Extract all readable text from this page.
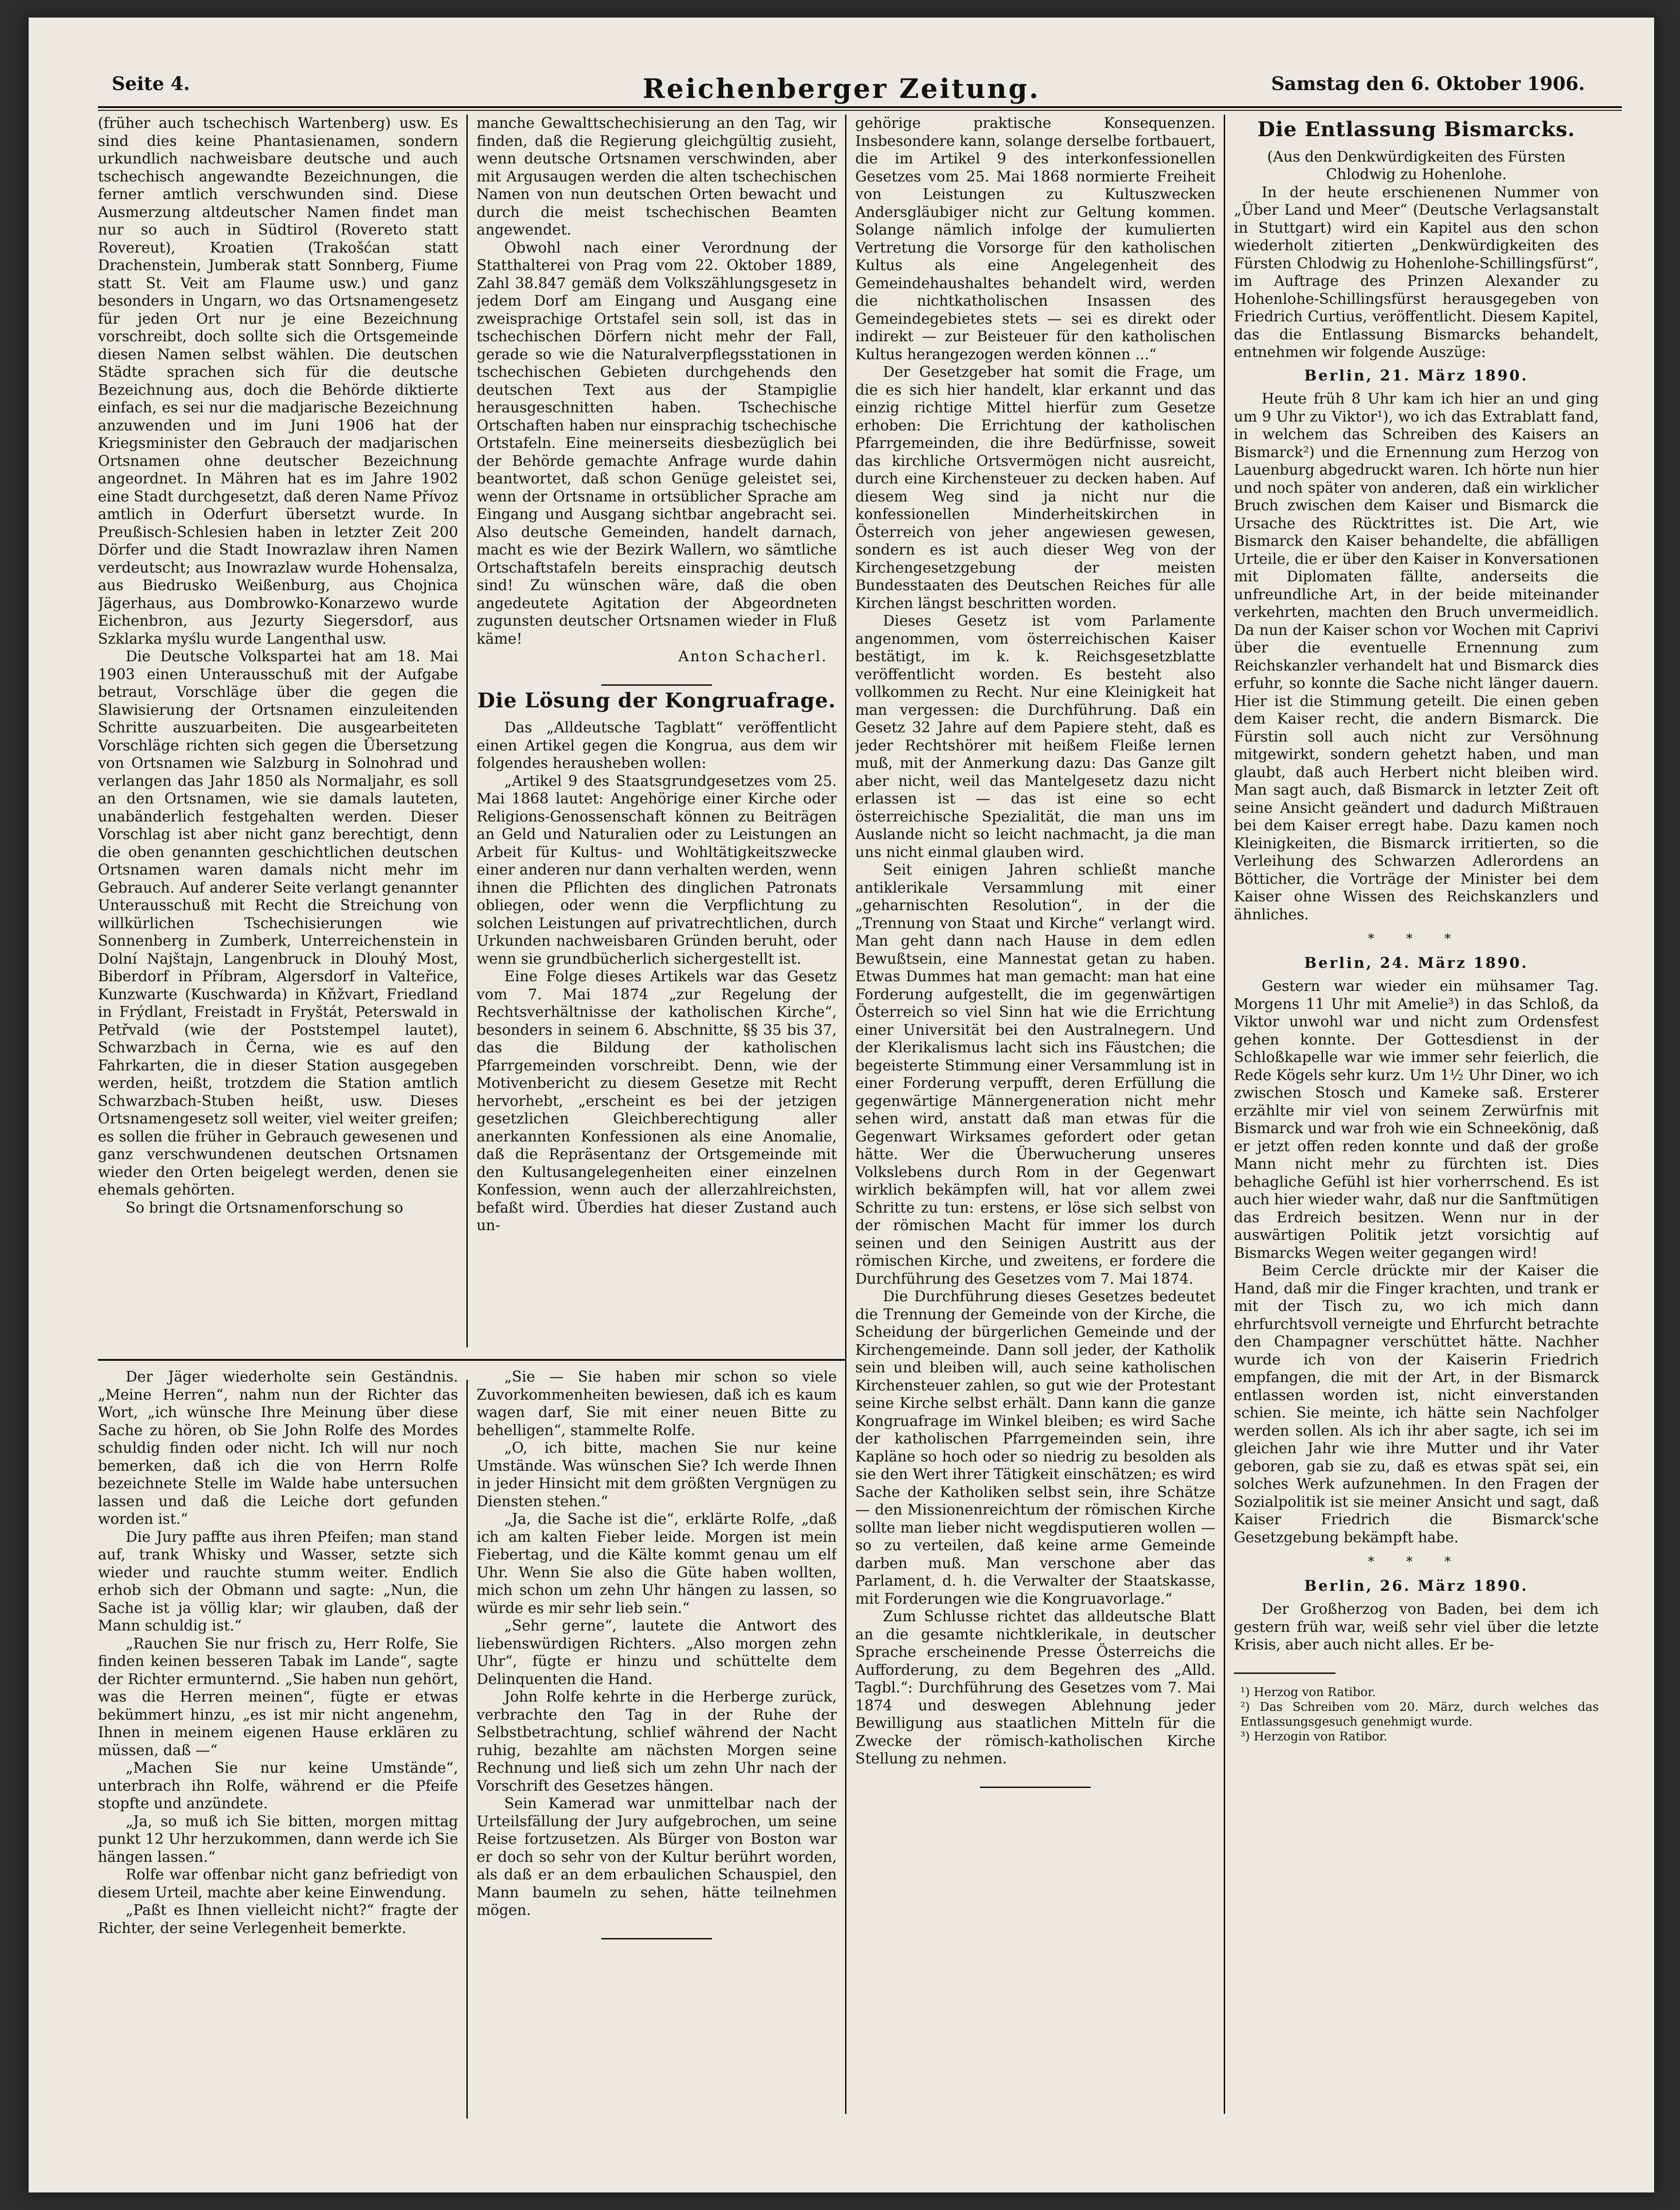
Reichenberger Zeitung.
Seite 4.	Samstag den 6. Oktober 1906.

(früher auch tschechisch Wartenberg) usw. Es sind dies keine Phantasienamen, sondern urkundlich nachweisbare deutsche und auch tschechisch angewandte Bezeichnungen, die ferner amtlich verschwunden sind. Diese Ausmerzung altdeutscher Namen findet man nur so auch in Südtirol (Rovereto statt Rovereut), Kroatien (Trakošćan statt Drachenstein, Jumberak statt Sonnberg, Fiume statt St. Veit am Flaume usw.) und ganz besonders in Ungarn, wo das Ortsnamengesetz für jeden Ort nur je eine Bezeichnung vorschreibt, doch sollte sich die Ortsgemeinde diesen Namen selbst wählen. Die deutschen Städte sprachen sich für die deutsche Bezeichnung aus, doch die Behörde diktierte einfach, es sei nur die madjarische Bezeichnung anzuwenden und im Juni 1906 hat der Kriegsminister den Gebrauch der madjarischen Ortsnamen ohne deutscher Bezeichnung angeordnet. In Mähren hat es im Jahre 1902 eine Stadt durchgesetzt, daß deren Name Přívoz amtlich in Oderfurt übersetzt wurde. In Preußisch-Schlesien haben in letzter Zeit 200 Dörfer und die Stadt Inowrazlaw ihren Namen verdeutscht; aus Inowrazlaw wurde Hohensalza, aus Biedrusko Weißenburg, aus Chojnica Jägerhaus, aus Dombrowko-Konarzewo wurde Eichenbron, aus Jezurty Siegersdorf, aus Szklarka myślu wurde Langenthal usw.

Die Deutsche Volkspartei hat am 18. Mai 1903 einen Unterausschuß mit der Aufgabe betraut, Vorschläge über die gegen die Slawisierung der Ortsnamen einzuleitenden Schritte auszuarbeiten. Die ausgearbeiteten Vorschläge richten sich gegen die Übersetzung von Ortsnamen wie Salzburg in Solnohrad und verlangen das Jahr 1850 als Normaljahr, es soll an den Ortsnamen, wie sie damals lauteten, unabänderlich festgehalten werden. Dieser Vorschlag ist aber nicht ganz berechtigt, denn die oben genannten geschichtlichen deutschen Ortsnamen waren damals nicht mehr im Gebrauch. Auf anderer Seite verlangt genannter Unterausschuß mit Recht die Streichung von willkürlichen Tschechisierungen wie Sonnenberg in Zumberk, Unterreichenstein in Dolní Najštajn, Langenbruck in Dlouhý Most, Biberdorf in Příbram, Algersdorf in Valteřice, Kunzwarte (Kuschwarda) in Kňžvart, Friedland in Frýdlant, Freistadt in Fryštát, Peterswald in Petřvald (wie der Poststempel lautet), Schwarzbach in Černa, wie es auf den Fahrkarten, die in dieser Station ausgegeben werden, heißt, trotzdem die Station amtlich Schwarzbach-Stuben heißt, usw. Dieses Ortsnamengesetz soll weiter, viel weiter greifen; es sollen die früher in Gebrauch gewesenen und ganz verschwundenen deutschen Ortsnamen wieder den Orten beigelegt werden, denen sie ehemals gehörten.

So bringt die Ortsnamenforschung so

manche Gewalttschechisierung an den Tag, wir finden, daß die Regierung gleichgültig zusieht, wenn deutsche Ortsnamen verschwinden, aber mit Argusaugen werden die alten tschechischen Namen von nun deutschen Orten bewacht und durch die meist tschechischen Beamten angewendet.

Obwohl nach einer Verordnung der Statthalterei von Prag vom 22. Oktober 1889, Zahl 38.847 gemäß dem Volkszählungsgesetz in jedem Dorf am Eingang und Ausgang eine zweisprachige Ortstafel sein soll, ist das in tschechischen Dörfern nicht mehr der Fall, gerade so wie die Naturalverpflegsstationen in tschechischen Gebieten durchgehends den deutschen Text aus der Stampiglie herausgeschnitten haben. Tschechische Ortschaften haben nur einsprachig tschechische Ortstafeln. Eine meinerseits diesbezüglich bei der Behörde gemachte Anfrage wurde dahin beantwortet, daß schon Genüge geleistet sei, wenn der Ortsname in ortsüblicher Sprache am Eingang und Ausgang sichtbar angebracht sei. Also deutsche Gemeinden, handelt darnach, macht es wie der Bezirk Wallern, wo sämtliche Ortschaftstafeln bereits einsprachig deutsch sind! Zu wünschen wäre, daß die oben angedeutete Agitation der Abgeordneten zugunsten deutscher Ortsnamen wieder in Fluß käme!

Anton Schacherl.

Die Lösung der Kongruafrage.

Das „Alldeutsche Tagblatt“ veröffentlicht einen Artikel gegen die Kongrua, aus dem wir folgendes herausheben wollen:

„Artikel 9 des Staatsgrundgesetzes vom 25. Mai 1868 lautet: Angehörige einer Kirche oder Religions-Genossenschaft können zu Beiträgen an Geld und Naturalien oder zu Leistungen an Arbeit für Kultus- und Wohltätigkeitszwecke einer anderen nur dann verhalten werden, wenn ihnen die Pflichten des dinglichen Patronats obliegen, oder wenn die Verpflichtung zu solchen Leistungen auf privatrechtlichen, durch Urkunden nachweisbaren Gründen beruht, oder wenn sie grundbücherlich sichergestellt ist.

Eine Folge dieses Artikels war das Gesetz vom 7. Mai 1874 „zur Regelung der Rechtsverhältnisse der katholischen Kirche“, besonders in seinem 6. Abschnitte, §§ 35 bis 37, das die Bildung der katholischen Pfarrgemeinden vorschreibt. Denn, wie der Motivenbericht zu diesem Gesetze mit Recht hervorhebt, „erscheint es bei der jetzigen gesetzlichen Gleichberechtigung aller anerkannten Konfessionen als eine Anomalie, daß die Repräsentanz der Ortsgemeinde mit den Kultusangelegenheiten einer einzelnen Konfession, wenn auch der allerzahlreichsten, befaßt wird. Überdies hat dieser Zustand auch un-

gehörige praktische Konsequenzen. Insbesondere kann, solange derselbe fortbauert, die im Artikel 9 des interkonfessionellen Gesetzes vom 25. Mai 1868 normierte Freiheit von Leistungen zu Kultuszwecken Andersgläubiger nicht zur Geltung kommen. Solange nämlich infolge der kumulierten Vertretung die Vorsorge für den katholischen Kultus als eine Angelegenheit des Gemeindehaushaltes behandelt wird, werden die nichtkatholischen Insassen des Gemeindegebietes stets — sei es direkt oder indirekt — zur Beisteuer für den katholischen Kultus herangezogen werden können ...“

Der Gesetzgeber hat somit die Frage, um die es sich hier handelt, klar erkannt und das einzig richtige Mittel hierfür zum Gesetze erhoben: Die Errichtung der katholischen Pfarrgemeinden, die ihre Bedürfnisse, soweit das kirchliche Ortsvermögen nicht ausreicht, durch eine Kirchensteuer zu decken haben. Auf diesem Weg sind ja nicht nur die konfessionellen Minderheitskirchen in Österreich von jeher angewiesen gewesen, sondern es ist auch dieser Weg von der Kirchengesetzgebung der meisten Bundesstaaten des Deutschen Reiches für alle Kirchen längst beschritten worden.

Dieses Gesetz ist vom Parlamente angenommen, vom österreichischen Kaiser bestätigt, im k. k. Reichsgesetzblatte veröffentlicht worden. Es besteht also vollkommen zu Recht. Nur eine Kleinigkeit hat man vergessen: die Durchführung. Daß ein Gesetz 32 Jahre auf dem Papiere steht, daß es jeder Rechtshörer mit heißem Fleiße lernen muß, mit der Anmerkung dazu: Das Ganze gilt aber nicht, weil das Mantelgesetz dazu nicht erlassen ist — das ist eine so echt österreichische Spezialität, die man uns im Auslande nicht so leicht nachmacht, ja die man uns nicht einmal glauben wird.

Seit einigen Jahren schließt manche antiklerikale Versammlung mit einer „geharnischten Resolution“, in der die „Trennung von Staat und Kirche“ verlangt wird. Man geht dann nach Hause in dem edlen Bewußtsein, eine Mannestat getan zu haben. Etwas Dummes hat man gemacht: man hat eine Forderung aufgestellt, die im gegenwärtigen Österreich so viel Sinn hat wie die Errichtung einer Universität bei den Australnegern. Und der Klerikalismus lacht sich ins Fäustchen; die begeisterte Stimmung einer Versammlung ist in einer Forderung verpufft, deren Erfüllung die gegenwärtige Männergeneration nicht mehr sehen wird, anstatt daß man etwas für die Gegenwart Wirksames gefordert oder getan hätte. Wer die Überwucherung unseres Volkslebens durch Rom in der Gegenwart wirklich bekämpfen will, hat vor allem zwei Schritte zu tun: erstens, er löse sich selbst von der römischen Macht für immer los durch seinen und den Seinigen Austritt aus der römischen Kirche, und zweitens, er fordere die Durchführung des Gesetzes vom 7. Mai 1874.

Die Durchführung dieses Gesetzes bedeutet die Trennung der Gemeinde von der Kirche, die Scheidung der bürgerlichen Gemeinde und der Kirchengemeinde. Dann soll jeder, der Katholik sein und bleiben will, auch seine katholischen Kirchensteuer zahlen, so gut wie der Protestant seine Kirche selbst erhält. Dann kann die ganze Kongruafrage im Winkel bleiben; es wird Sache der katholischen Pfarrgemeinden sein, ihre Kapläne so hoch oder so niedrig zu besolden als sie den Wert ihrer Tätigkeit einschätzen; es wird Sache der Katholiken selbst sein, ihre Schätze — den Missionenreichtum der römischen Kirche sollte man lieber nicht wegdisputieren wollen — so zu verteilen, daß keine arme Gemeinde darben muß. Man verschone aber das Parlament, d. h. die Verwalter der Staatskasse, mit Forderungen wie die Kongruavorlage.“

Zum Schlusse richtet das alldeutsche Blatt an die gesamte nichtklerikale, in deutscher Sprache erscheinende Presse Österreichs die Aufforderung, zu dem Begehren des „Alld. Tagbl.“: Durchführung des Gesetzes vom 7. Mai 1874 und deswegen Ablehnung jeder Bewilligung aus staatlichen Mitteln für die Zwecke der römisch-katholischen Kirche Stellung zu nehmen.

Die Entlassung Bismarcks.

(Aus den Denkwürdigkeiten des Fürsten Chlodwig zu Hohenlohe.

In der heute erschienenen Nummer von „Über Land und Meer“ (Deutsche Verlagsanstalt in Stuttgart) wird ein Kapitel aus den schon wiederholt zitierten „Denkwürdigkeiten des Fürsten Chlodwig zu Hohenlohe-Schillingsfürst“, im Auftrage des Prinzen Alexander zu Hohenlohe-Schillingsfürst herausgegeben von Friedrich Curtius, veröffentlicht. Diesem Kapitel, das die Entlassung Bismarcks behandelt, entnehmen wir folgende Auszüge:

Berlin, 21. März 1890.

Heute früh 8 Uhr kam ich hier an und ging um 9 Uhr zu Viktor¹), wo ich das Extrablatt fand, in welchem das Schreiben des Kaisers an Bismarck²) und die Ernennung zum Herzog von Lauenburg abgedruckt waren. Ich hörte nun hier und noch später von anderen, daß ein wirklicher Bruch zwischen dem Kaiser und Bismarck die Ursache des Rücktrittes ist. Die Art, wie Bismarck den Kaiser behandelte, die abfälligen Urteile, die er über den Kaiser in Konversationen mit Diplomaten fällte, anderseits die unfreundliche Art, in der beide miteinander verkehrten, machten den Bruch unvermeidlich. Da nun der Kaiser schon vor Wochen mit Caprivi über die eventuelle Ernennung zum Reichskanzler verhandelt hat und Bismarck dies erfuhr, so konnte die Sache nicht länger dauern. Hier ist die Stimmung geteilt. Die einen geben dem Kaiser recht, die andern Bismarck. Die Fürstin soll auch nicht zur Versöhnung mitgewirkt, sondern gehetzt haben, und man glaubt, daß auch Herbert nicht bleiben wird. Man sagt auch, daß Bismarck in letzter Zeit oft seine Ansicht geändert und dadurch Mißtrauen bei dem Kaiser erregt habe. Dazu kamen noch Kleinigkeiten, die Bismarck irritierten, so die Verleihung des Schwarzen Adlerordens an Bötticher, die Vorträge der Minister bei dem Kaiser ohne Wissen des Reichskanzlers und ähnliches.

* * *

Berlin, 24. März 1890.

Gestern war wieder ein mühsamer Tag. Morgens 11 Uhr mit Amelie³) in das Schloß, da Viktor unwohl war und nicht zum Ordensfest gehen konnte. Der Gottesdienst in der Schloßkapelle war wie immer sehr feierlich, die Rede Kögels sehr kurz. Um 1½ Uhr Diner, wo ich zwischen Stosch und Kameke saß. Ersterer erzählte mir viel von seinem Zerwürfnis mit Bismarck und war froh wie ein Schneekönig, daß er jetzt offen reden konnte und daß der große Mann nicht mehr zu fürchten ist. Dies behagliche Gefühl ist hier vorherrschend. Es ist auch hier wieder wahr, daß nur die Sanftmütigen das Erdreich besitzen. Wenn nur in der auswärtigen Politik jetzt vorsichtig auf Bismarcks Wegen weiter gegangen wird!

Beim Cercle drückte mir der Kaiser die Hand, daß mir die Finger krachten, und trank er mit der Tisch zu, wo ich mich dann ehrfurchtsvoll verneigte und Ehrfurcht betrachte den Champagner verschüttet hätte. Nachher wurde ich von der Kaiserin Friedrich empfangen, die mit der Art, in der Bismarck entlassen worden ist, nicht einverstanden schien. Sie meinte, ich hätte sein Nachfolger werden sollen. Als ich ihr aber sagte, ich sei im gleichen Jahr wie ihre Mutter und ihr Vater geboren, gab sie zu, daß es etwas spät sei, ein solches Werk aufzunehmen. In den Fragen der Sozialpolitik ist sie meiner Ansicht und sagt, daß Kaiser Friedrich die Bismarck'sche Gesetzgebung bekämpft habe.

* * *

Berlin, 26. März 1890.

Der Großherzog von Baden, bei dem ich gestern früh war, weiß sehr viel über die letzte Krisis, aber auch nicht alles. Er be-

¹) Herzog von Ratibor.

²) Das Schreiben vom 20. März, durch welches das Entlassungsgesuch genehmigt wurde.

³) Herzogin von Ratibor.

Der Jäger wiederholte sein Geständnis. „Meine Herren“, nahm nun der Richter das Wort, „ich wünsche Ihre Meinung über diese Sache zu hören, ob Sie John Rolfe des Mordes schuldig finden oder nicht. Ich will nur noch bemerken, daß ich die von Herrn Rolfe bezeichnete Stelle im Walde habe untersuchen lassen und daß die Leiche dort gefunden worden ist.“

Die Jury paffte aus ihren Pfeifen; man stand auf, trank Whisky und Wasser, setzte sich wieder und rauchte stumm weiter. Endlich erhob sich der Obmann und sagte: „Nun, die Sache ist ja völlig klar; wir glauben, daß der Mann schuldig ist.“

„Rauchen Sie nur frisch zu, Herr Rolfe, Sie finden keinen besseren Tabak im Lande“, sagte der Richter ermunternd. „Sie haben nun gehört, was die Herren meinen“, fügte er etwas bekümmert hinzu, „es ist mir nicht angenehm, Ihnen in meinem eigenen Hause erklären zu müssen, daß —“

„Machen Sie nur keine Umstände“, unterbrach ihn Rolfe, während er die Pfeife stopfte und anzündete.

„Ja, so muß ich Sie bitten, morgen mittag punkt 12 Uhr herzukommen, dann werde ich Sie hängen lassen.“

Rolfe war offenbar nicht ganz befriedigt von diesem Urteil, machte aber keine Einwendung.

„Paßt es Ihnen vielleicht nicht?“ fragte der Richter, der seine Verlegenheit bemerkte.

„Sie — Sie haben mir schon so viele Zuvorkommenheiten bewiesen, daß ich es kaum wagen darf, Sie mit einer neuen Bitte zu behelligen“, stammelte Rolfe.

„O, ich bitte, machen Sie nur keine Umstände. Was wünschen Sie? Ich werde Ihnen in jeder Hinsicht mit dem größten Vergnügen zu Diensten stehen.“

„Ja, die Sache ist die“, erklärte Rolfe, „daß ich am kalten Fieber leide. Morgen ist mein Fiebertag, und die Kälte kommt genau um elf Uhr. Wenn Sie also die Güte haben wollten, mich schon um zehn Uhr hängen zu lassen, so würde es mir sehr lieb sein.“

„Sehr gerne“, lautete die Antwort des liebenswürdigen Richters. „Also morgen zehn Uhr“, fügte er hinzu und schüttelte dem Delinquenten die Hand.

John Rolfe kehrte in die Herberge zurück, verbrachte den Tag in der Ruhe der Selbstbetrachtung, schlief während der Nacht ruhig, bezahlte am nächsten Morgen seine Rechnung und ließ sich um zehn Uhr nach der Vorschrift des Gesetzes hängen.

Sein Kamerad war unmittelbar nach der Urteilsfällung der Jury aufgebrochen, um seine Reise fortzusetzen. Als Bürger von Boston war er doch so sehr von der Kultur berührt worden, als daß er an dem erbaulichen Schauspiel, den Mann baumeln zu sehen, hätte teilnehmen mögen.
